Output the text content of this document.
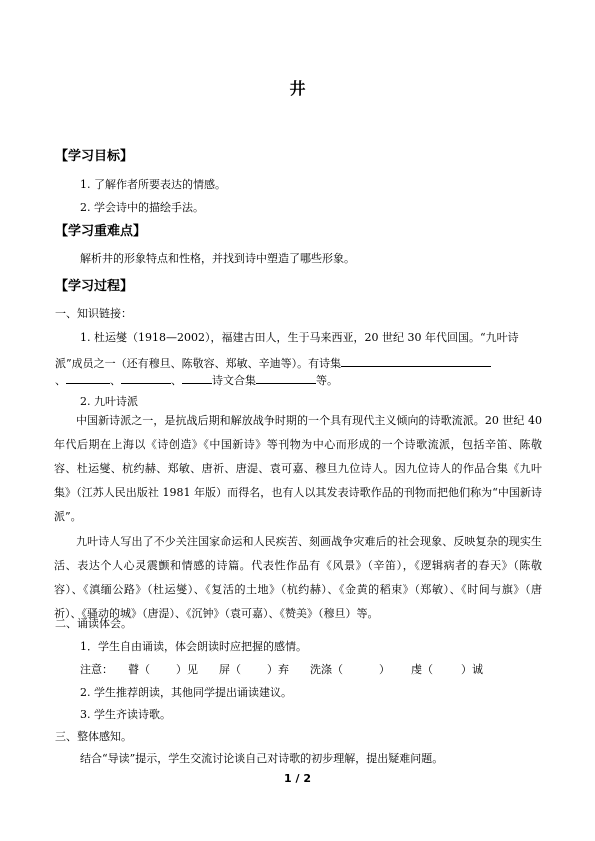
井
【学习目标】
1. 了解作者所要表达的情感。
2. 学会诗中的描绘手法。
【学习重难点】
解析井的形象特点和性格，并找到诗中塑造了哪些形象。
【学习过程】
一、知识链接：
1. 杜运燮（1918—2002），福建古田人，生于马来西亚，20 世纪 30 年代回国。“九叶诗
派”成员之一（还有穆旦、陈敬容、郑敏、辛迪等）。有诗集
、	、	、	诗文合集	等。
2. 九叶诗派
中国新诗派之一，是抗战后期和解放战争时期的一个具有现代主义倾向的诗歌流派。20 世纪 40 年代后期在上海以《诗创造》《中国新诗》等刊物为中心而形成的一个诗歌流派，包括辛笛、陈敬容、杜运燮、杭约赫、郑敏、唐祈、唐湜、袁可嘉、穆旦九位诗人。因九位诗人的作品合集《九叶集》（江苏人民出版社 1981 年版）而得名，也有人以其发表诗歌作品的刊物而把他们称为“中国新诗派”。
九叶诗人写出了不少关注国家命运和人民疾苦、刻画战争灾难后的社会现象、反映复杂的现实生活、表达个人心灵震颤和情感的诗篇。代表性作品有《风景》（辛笛），《逻辑病者的春天》（陈敬容）、《滇缅公路》（杜运燮）、《复活的土地》（杭约赫）、《金黄的稻束》（郑敏）、《时间与旗》（唐祈）、《骚动的城》（唐湜）、《沉钟》（袁可嘉）、《赞美》（穆旦）等。
二、诵读体会。
1．学生自由诵读，体会朗读时应把握的感情。
注意： 瞽（ ）见 屏（ ）弃 洗涤（	） 虔（	）诚
2. 学生推荐朗读，其他同学提出诵读建议。
3. 学生齐读诗歌。
三、整体感知。
结合“导读”提示，学生交流讨论谈自己对诗歌的初步理解，提出疑难问题。
1 / 2
